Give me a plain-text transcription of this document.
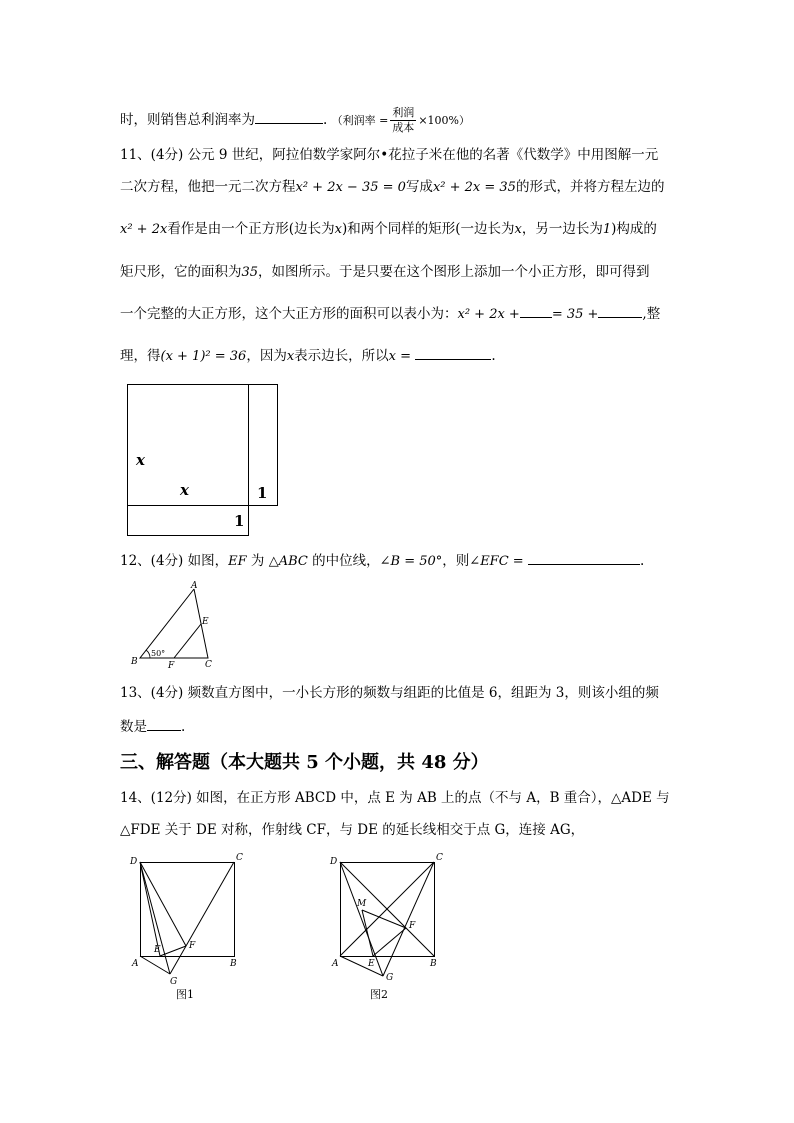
时，则销售总利润率为	. （利润率 = $\frac{\text{利润}}{\text{成本}} \times 100\%$）
11、(4分) 公元 9 世纪，阿拉伯数学家阿尔•花拉子米在他的名著《代数学》中用图解一元
二次方程，他把一元二次方程x² + 2x − 35 = 0写成x² + 2x = 35的形式，并将方程左边的
x² + 2x看作是由一个正方形(边长为x)和两个同样的矩形(一边长为x，另一边长为1)构成的
矩尺形，它的面积为35，如图所示。于是只要在这个图形上添加一个小正方形，即可得到
一个完整的大正方形，这个大正方形的面积可以表小为：x² + 2x + = 35 +	,整
理，得(x + 1)² = 36，因为x表示边长，所以x =	.
x
x	1
1
12、(4分) 如图，EF 为 △ABC 的中位线，∠B = 50°，则∠EFC =	.
A
B	C
E
F
50°
13、(4分) 频数直方图中，一小长方形的频数与组距的比值是 6，组距为 3，则该小组的频
数是	.
三、解答题（本大题共 5 个小题，共 48 分）
14、(12分) 如图，在正方形 ABCD 中，点 E 为 AB 上的点（不与 A，B 重合），△ADE 与
△FDE 关于 DE 对称，作射线 CF，与 DE 的延长线相交于点 G，连接 AG，
D	C
A	B
E	F
G
图1
D	C
A	B
M
F
E
G
图2
